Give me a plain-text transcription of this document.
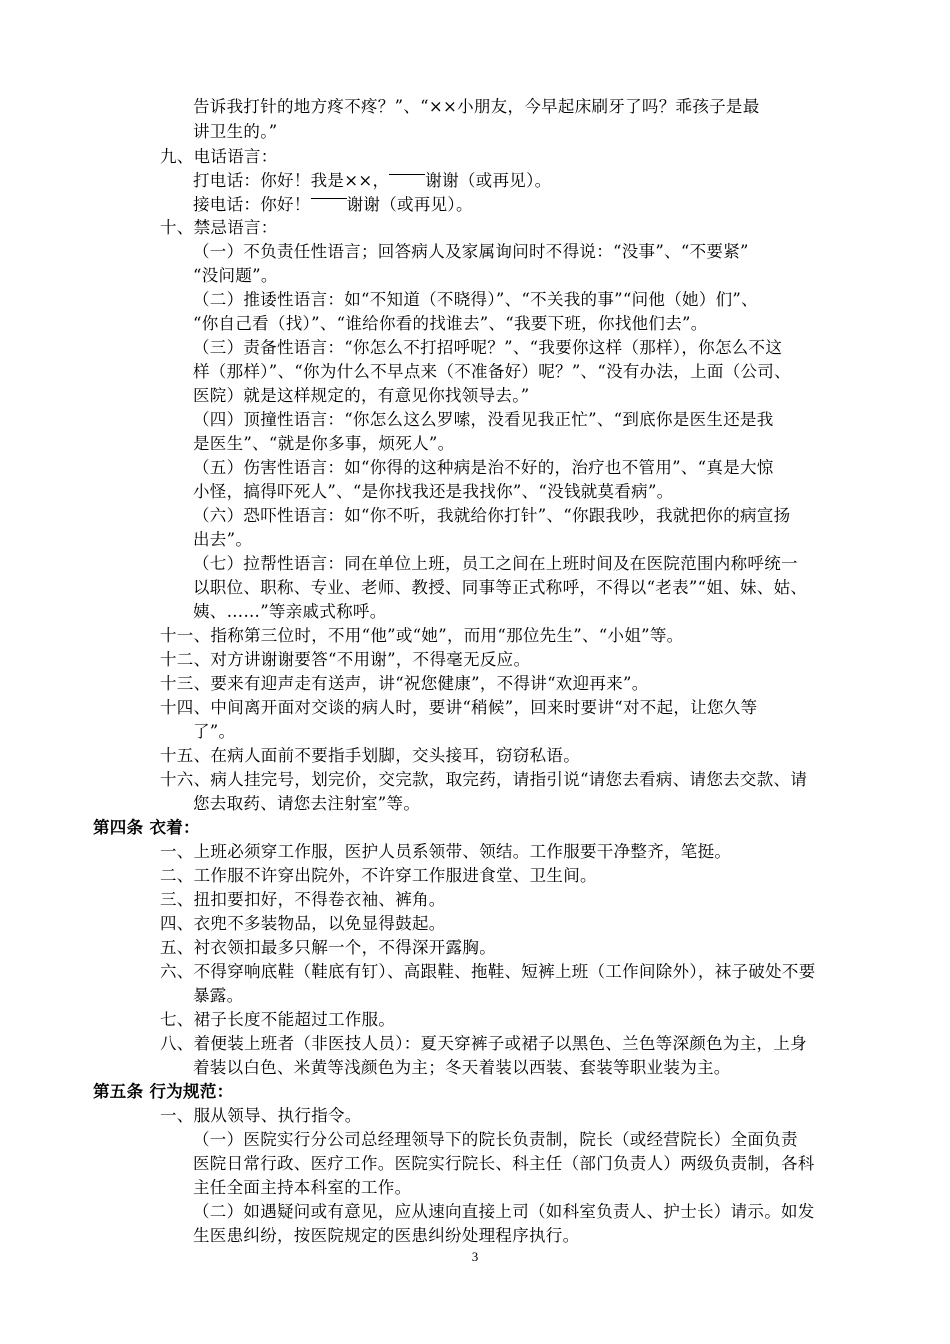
告诉我打针的地方疼不疼？”、“××小朋友，今早起床刷牙了吗？乖孩子是最
讲卫生的。”
九、电话语言：
十、禁忌语言：
（一）不负责任性语言；回答病人及家属询问时不得说：“没事”、“不要紧”
“没问题”。
（二）推诿性语言：如“不知道（不晓得）”、“不关我的事”“问他（她）们”、
“你自己看（找）”、“谁给你看的找谁去”、“我要下班，你找他们去”。
（三）责备性语言：“你怎么不打招呼呢？”、“我要你这样（那样），你怎么不这
样（那样）”、“你为什么不早点来（不准备好）呢？”、“没有办法，上面（公司、
医院）就是这样规定的，有意见你找领导去。”
（四）顶撞性语言：“你怎么这么罗嗦，没看见我正忙”、“到底你是医生还是我
是医生”、“就是你多事，烦死人”。
（五）伤害性语言：如“你得的这种病是治不好的，治疗也不管用”、“真是大惊
小怪，搞得吓死人”、“是你找我还是我找你”、“没钱就莫看病”。
（六）恐吓性语言：如“你不听，我就给你打针”、“你跟我吵，我就把你的病宣扬
出去”。
（七）拉帮性语言：同在单位上班，员工之间在上班时间及在医院范围内称呼统一
以职位、职称、专业、老师、教授、同事等正式称呼，不得以“老表”“姐、妹、姑、
姨、……”等亲戚式称呼。
十一、指称第三位时，不用“他”或“她”，而用“那位先生”、“小姐”等。
十二、对方讲谢谢要答“不用谢”，不得毫无反应。
十三、要来有迎声走有送声，讲“祝您健康”，不得讲“欢迎再来”。
十四、中间离开面对交谈的病人时，要讲“稍候”，回来时要讲“对不起，让您久等
了”。
十五、在病人面前不要指手划脚，交头接耳，窃窃私语。
十六、病人挂完号，划完价，交完款，取完药，请指引说“请您去看病、请您去交款、请
您去取药、请您去注射室”等。
第四条 衣着：
一、上班必须穿工作服，医护人员系领带、领结。工作服要干净整齐，笔挺。
二、工作服不许穿出院外，不许穿工作服进食堂、卫生间。
三、扭扣要扣好，不得卷衣袖、裤角。
四、衣兜不多装物品，以免显得鼓起。
五、衬衣领扣最多只解一个，不得深开露胸。
六、不得穿响底鞋（鞋底有钉）、高跟鞋、拖鞋、短裤上班（工作间除外），袜子破处不要
暴露。
七、裙子长度不能超过工作服。
八、着便装上班者（非医技人员）：夏天穿裤子或裙子以黑色、兰色等深颜色为主，上身
着装以白色、米黄等浅颜色为主；冬天着装以西装、套装等职业装为主。
第五条 行为规范：
一、服从领导、执行指令。
（一）医院实行分公司总经理领导下的院长负责制，院长（或经营院长）全面负责
医院日常行政、医疗工作。医院实行院长、科主任（部门负责人）两级负责制，各科
主任全面主持本科室的工作。
（二）如遇疑问或有意见，应从速向直接上司（如科室负责人、护士长）请示。如发
生医患纠纷，按医院规定的医患纠纷处理程序执行。
打电话：你好！我是××， 谢谢（或再见）。
接电话：你好！ 谢谢（或再见）。
3
